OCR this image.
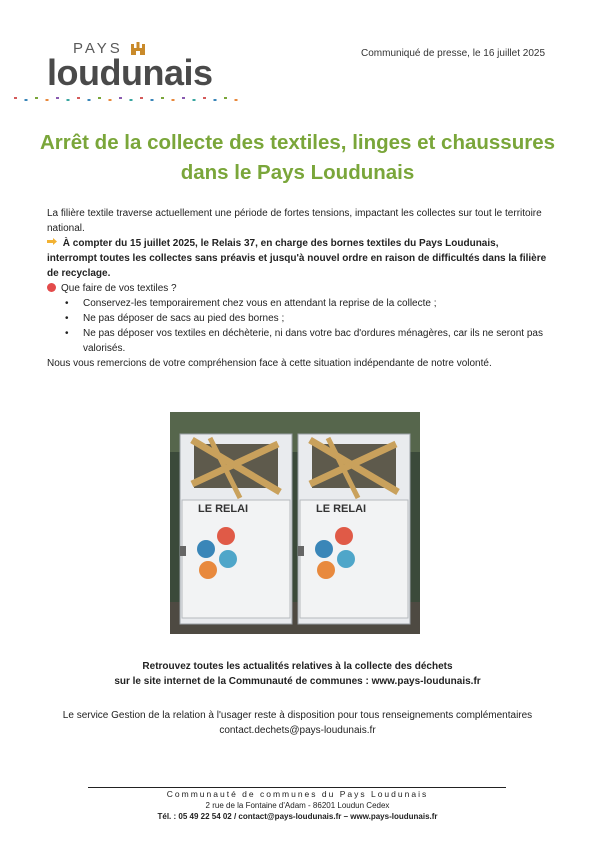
PAYS
loudunais	Communiqué de presse, le 16 juillet 2025
Arrêt de la collecte des textiles, linges et chaussures dans le Pays Loudunais

La filière textile traverse actuellement une période de fortes tensions, impactant les collectes sur tout le territoire national.

À compter du 15 juillet 2025, le Relais 37, en charge des bornes textiles du Pays Loudunais, interrompt toutes les collectes sans préavis et jusqu'à nouvel ordre en raison de difficultés dans la filière de recyclage.

Que faire de vos textiles ?

• Conservez-les temporairement chez vous en attendant la reprise de la collecte ;
• Ne pas déposer de sacs au pied des bornes ;
• Ne pas déposer vos textiles en déchèterie, ni dans votre bac d'ordures ménagères, car ils ne seront pas valorisés.

Nous vous remercions de votre compréhension face à cette situation indépendante de notre volonté.

LE RELAI	LE RELAI
Retrouvez toutes les actualités relatives à la collecte des déchets
sur le site internet de la Communauté de communes : www.pays-loudunais.fr
Le service Gestion de la relation à l'usager reste à disposition pour tous renseignements complémentaires
contact.dechets@pays-loudunais.fr
Communauté de communes du Pays Loudunais
2 rue de la Fontaine d'Adam - 86201 Loudun Cedex
Tél. : 05 49 22 54 02 / contact@pays-loudunais.fr – www.pays-loudunais.fr
